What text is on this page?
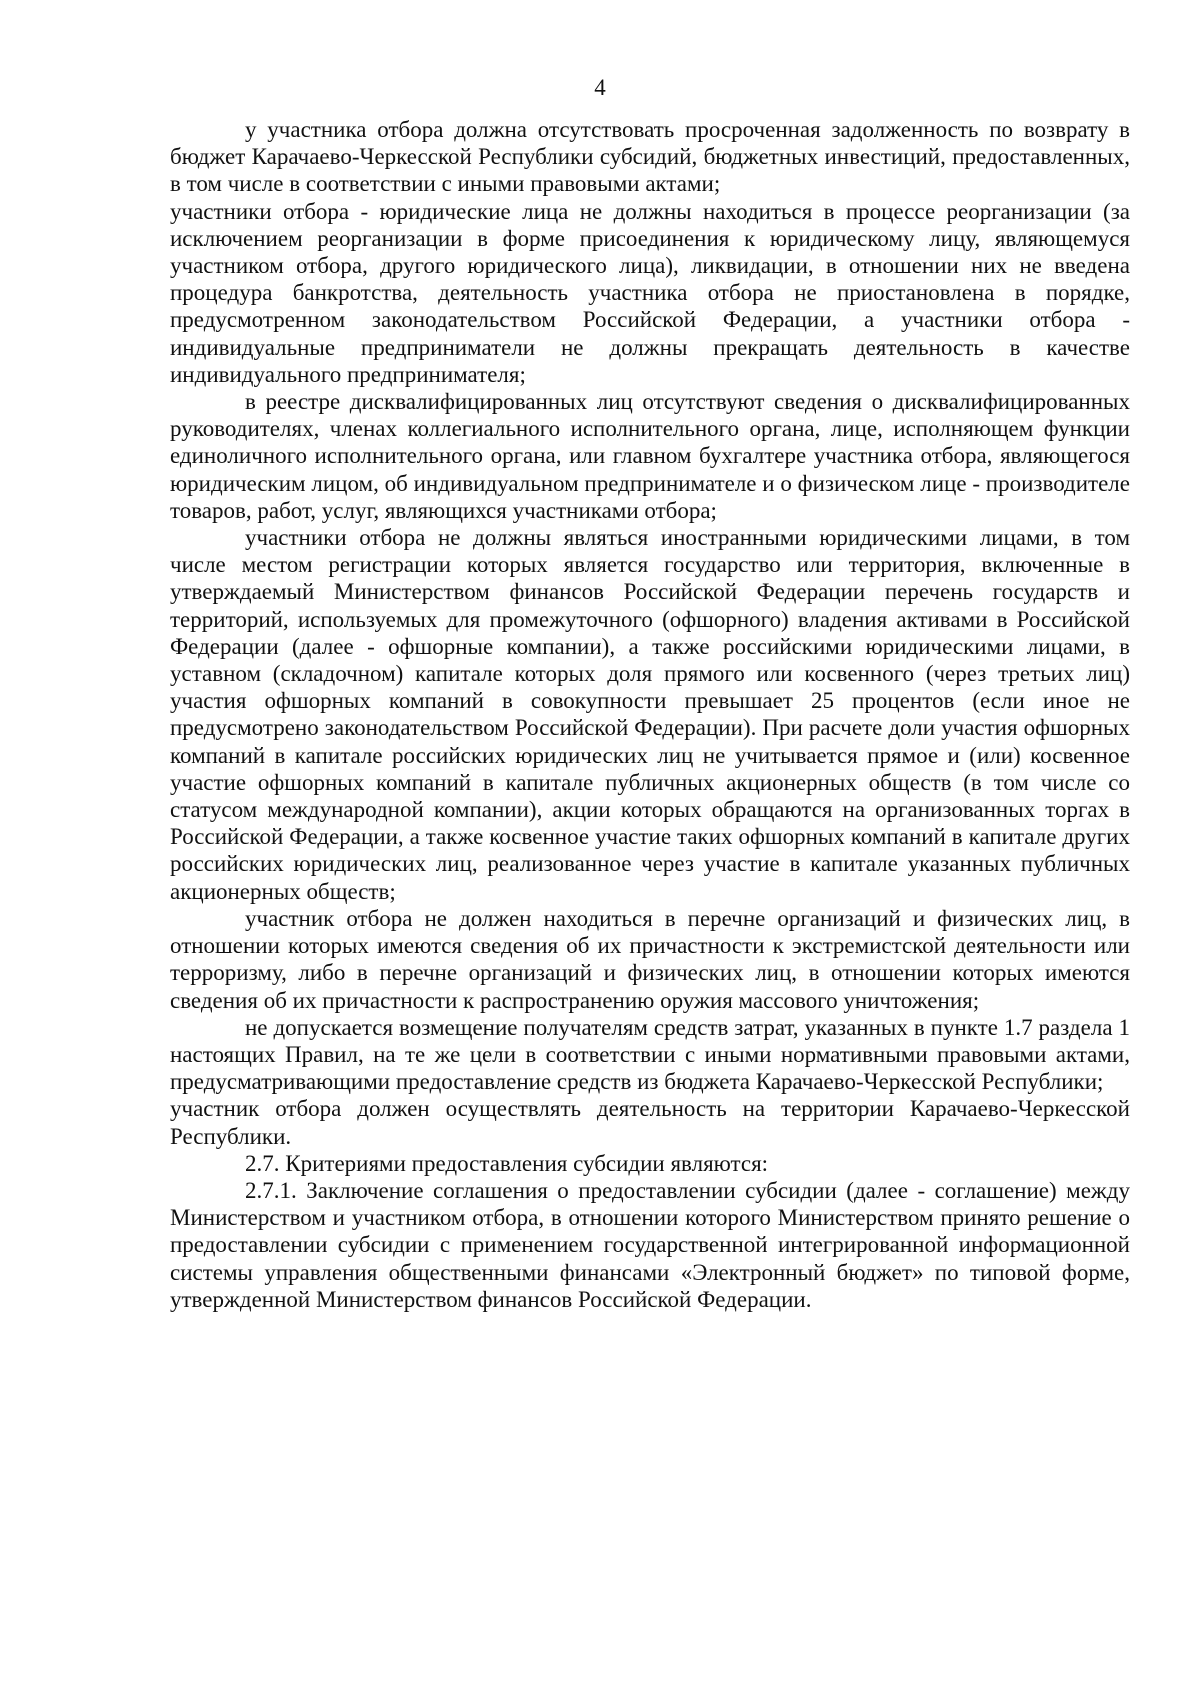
4

у участника отбора должна отсутствовать просроченная задолженность по возврату в бюджет Карачаево-Черкесской Республики субсидий, бюджетных инвестиций, предоставленных, в том числе в соответствии с иными правовыми актами;

участники отбора - юридические лица не должны находиться в процессе реорганизации (за исключением реорганизации в форме присоединения к юридическому лицу, являющемуся участником отбора, другого юридического лица), ликвидации, в отношении них не введена процедура банкротства, деятельность участника отбора не приостановлена в порядке, предусмотренном законодательством Российской Федерации, а участники отбора - индивидуальные предприниматели не должны прекращать деятельность в качестве индивидуального предпринимателя;

в реестре дисквалифицированных лиц отсутствуют сведения о дисквалифицированных руководителях, членах коллегиального исполнительного органа, лице, исполняющем функции единоличного исполнительного органа, или главном бухгалтере участника отбора, являющегося юридическим лицом, об индивидуальном предпринимателе и о физическом лице - производителе товаров, работ, услуг, являющихся участниками отбора;

участники отбора не должны являться иностранными юридическими лицами, в том числе местом регистрации которых является государство или территория, включенные в утверждаемый Министерством финансов Российской Федерации перечень государств и территорий, используемых для промежуточного (офшорного) владения активами в Российской Федерации (далее - офшорные компании), а также российскими юридическими лицами, в уставном (складочном) капитале которых доля прямого или косвенного (через третьих лиц) участия офшорных компаний в совокупности превышает 25 процентов (если иное не предусмотрено законодательством Российской Федерации). При расчете доли участия офшорных компаний в капитале российских юридических лиц не учитывается прямое и (или) косвенное участие офшорных компаний в капитале публичных акционерных обществ (в том числе со статусом международной компании), акции которых обращаются на организованных торгах в Российской Федерации, а также косвенное участие таких офшорных компаний в капитале других российских юридических лиц, реализованное через участие в капитале указанных публичных акционерных обществ;

участник отбора не должен находиться в перечне организаций и физических лиц, в отношении которых имеются сведения об их причастности к экстремистской деятельности или терроризму, либо в перечне организаций и физических лиц, в отношении которых имеются сведения об их причастности к распространению оружия массового уничтожения;

не допускается возмещение получателям средств затрат, указанных в пункте 1.7 раздела 1 настоящих Правил, на те же цели в соответствии с иными нормативными правовыми актами, предусматривающими предоставление средств из бюджета Карачаево-Черкесской Республики;

участник отбора должен осуществлять деятельность на территории Карачаево-Черкесской Республики.

2.7. Критериями предоставления субсидии являются:

2.7.1. Заключение соглашения о предоставлении субсидии (далее - соглашение) между Министерством и участником отбора, в отношении которого Министерством принято решение о предоставлении субсидии с применением государственной интегрированной информационной системы управления общественными финансами «Электронный бюджет» по типовой форме, утвержденной Министерством финансов Российской Федерации.
